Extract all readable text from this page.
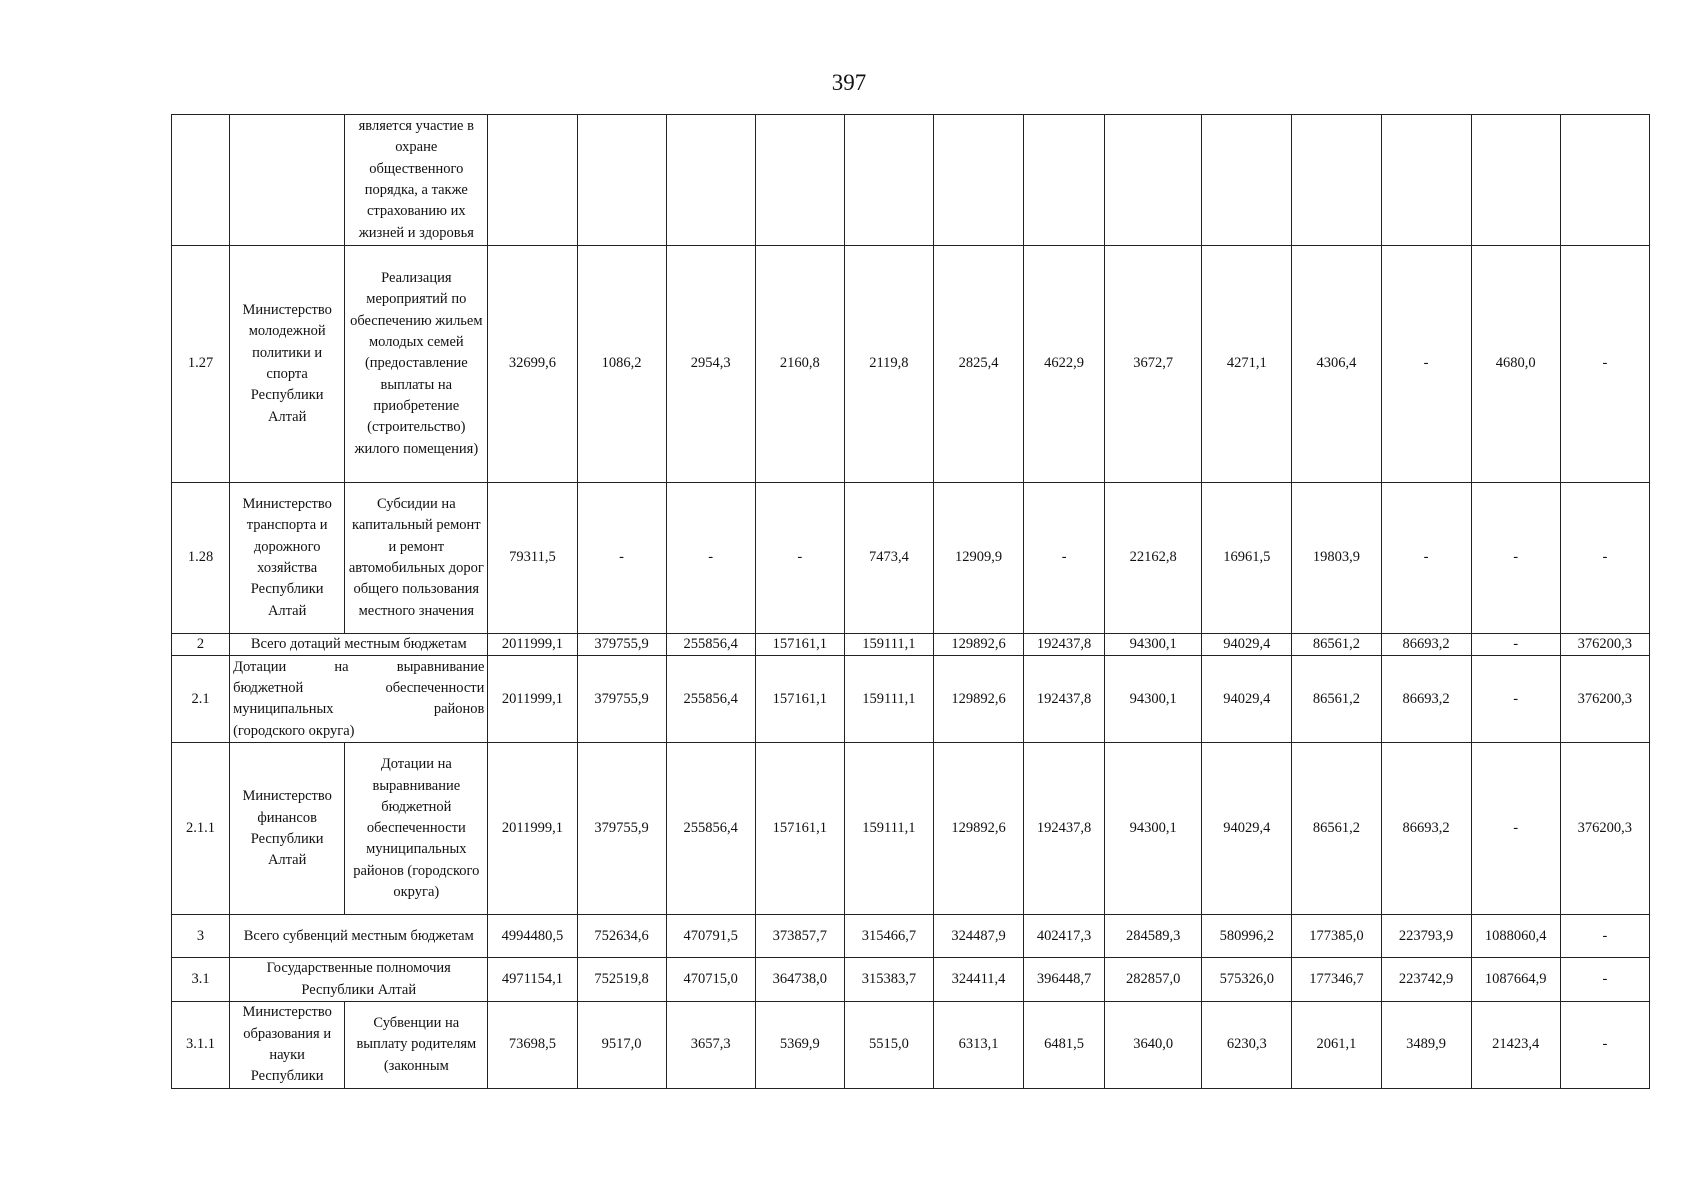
397
		является участие в охране общественного порядка, а также страхованию их жизней и здоровья													
1.27	Министерство молодежной политики и спорта Республики Алтай	Реализация мероприятий по обеспечению жильем молодых семей (предоставление выплаты на приобретение (строительство) жилого помещения)	32699,6	1086,2	2954,3	2160,8	2119,8	2825,4	4622,9	3672,7	4271,1	4306,4	-	4680,0	-
1.28	Министерство транспорта и дорожного хозяйства Республики Алтай	Субсидии на капитальный ремонт и ремонт автомобильных дорог общего пользования местного значения	79311,5	-	-	-	7473,4	12909,9	-	22162,8	16961,5	19803,9	-	-	-
2	Всего дотаций местным бюджетам		2011999,1	379755,9	255856,4	157161,1	159111,1	129892,6	192437,8	94300,1	94029,4	86561,2	86693,2	-	376200,3
2.1	Дотации на выравнивание
бюджетной обеспеченности
муниципальных районов
(городского округа)		2011999,1	379755,9	255856,4	157161,1	159111,1	129892,6	192437,8	94300,1	94029,4	86561,2	86693,2	-	376200,3
2.1.1	Министерство финансов Республики Алтай	Дотации на выравнивание бюджетной обеспеченности муниципальных районов (городского округа)	2011999,1	379755,9	255856,4	157161,1	159111,1	129892,6	192437,8	94300,1	94029,4	86561,2	86693,2	-	376200,3
3	Всего субвенций местным бюджетам		4994480,5	752634,6	470791,5	373857,7	315466,7	324487,9	402417,3	284589,3	580996,2	177385,0	223793,9	1088060,4	-
3.1	Государственные полномочия Республики Алтай		4971154,1	752519,8	470715,0	364738,0	315383,7	324411,4	396448,7	282857,0	575326,0	177346,7	223742,9	1087664,9	-
3.1.1	Министерство образования и науки Республики	Субвенции на выплату родителям (законным	73698,5	9517,0	3657,3	5369,9	5515,0	6313,1	6481,5	3640,0	6230,3	2061,1	3489,9	21423,4	-
